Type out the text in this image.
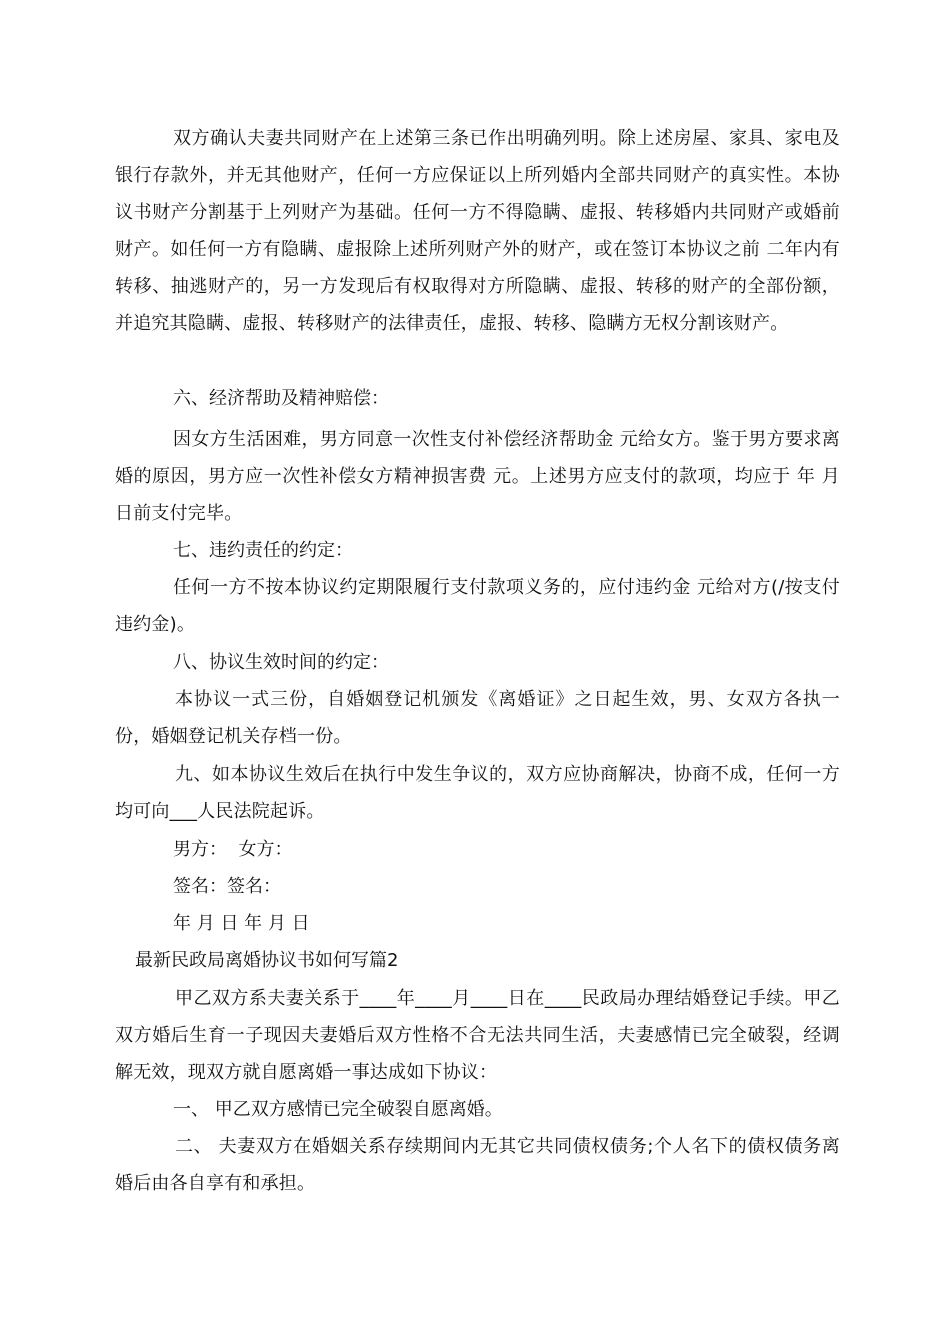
双方确认夫妻共同财产在上述第三条已作出明确列明。除上述房屋、家具、家电及银行存款外，并无其他财产，任何一方应保证以上所列婚内全部共同财产的真实性。本协议书财产分割基于上列财产为基础。任何一方不得隐瞒、虚报、转移婚内共同财产或婚前财产。如任何一方有隐瞒、虚报除上述所列财产外的财产，或在签订本协议之前 二年内有转移、抽逃财产的，另一方发现后有权取得对方所隐瞒、虚报、转移的财产的全部份额，并追究其隐瞒、虚报、转移财产的法律责任，虚报、转移、隐瞒方无权分割该财产。

六、经济帮助及精神赔偿：

因女方生活困难，男方同意一次性支付补偿经济帮助金 元给女方。鉴于男方要求离婚的原因，男方应一次性补偿女方精神损害费 元。上述男方应支付的款项，均应于 年 月 日前支付完毕。

七、违约责任的约定：

任何一方不按本协议约定期限履行支付款项义务的，应付违约金 元给对方(/按支付违约金)。

八、协议生效时间的约定：

本协议一式三份，自婚姻登记机颁发《离婚证》之日起生效，男、女双方各执一份，婚姻登记机关存档一份。

九、如本协议生效后在执行中发生争议的，双方应协商解决，协商不成，任何一方均可向___人民法院起诉。

男方：  女方：

签名：签名：

年 月 日 年 月 日

最新民政局离婚协议书如何写篇2

甲乙双方系夫妻关系于____年____月____日在____民政局办理结婚登记手续。甲乙双方婚后生育一子现因夫妻婚后双方性格不合无法共同生活，夫妻感情已完全破裂，经调解无效，现双方就自愿离婚一事达成如下协议：

一、 甲乙双方感情已完全破裂自愿离婚。

二、 夫妻双方在婚姻关系存续期间内无其它共同债权债务;个人名下的债权债务离婚后由各自享有和承担。
